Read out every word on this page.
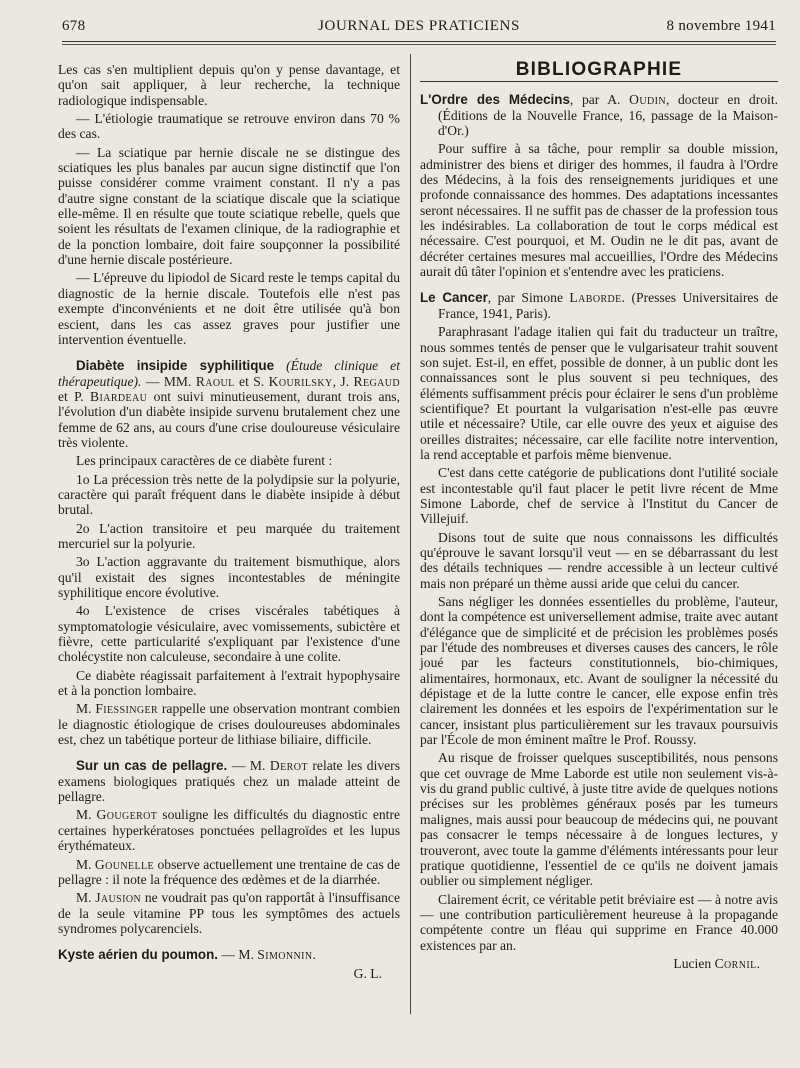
678	JOURNAL DES PRATICIENS	8 novembre 1941

Les cas s'en multiplient depuis qu'on y pense davantage, et qu'on sait appliquer, à leur recherche, la technique radiologique indispensable.

— L'étiologie traumatique se retrouve environ dans 70 % des cas.

— La sciatique par hernie discale ne se distingue des sciatiques les plus banales par aucun signe distinctif que l'on puisse considérer comme vraiment constant. Il n'y a pas d'autre signe constant de la sciatique discale que la sciatique elle-même. Il en résulte que toute sciatique rebelle, quels que soient les résultats de l'examen clinique, de la radiographie et de la ponction lombaire, doit faire soupçonner la possibilité d'une hernie discale postérieure.

— L'épreuve du lipiodol de Sicard reste le temps capital du diagnostic de la hernie discale. Toutefois elle n'est pas exempte d'inconvénients et ne doit être utilisée qu'à bon escient, dans les cas assez graves pour justifier une intervention éventuelle.

Diabète insipide syphilitique (Étude clinique et thérapeutique). — MM. Raoul et S. Kourilsky, J. Regaud et P. Biardeau ont suivi minutieusement, durant trois ans, l'évolution d'un diabète insipide survenu brutalement chez une femme de 62 ans, au cours d'une crise douloureuse vésiculaire très violente.

Les principaux caractères de ce diabète furent :

1o La précession très nette de la polydipsie sur la polyurie, caractère qui paraît fréquent dans le diabète insipide à début brutal.

2o L'action transitoire et peu marquée du traitement mercuriel sur la polyurie.

3o L'action aggravante du traitement bismuthique, alors qu'il existait des signes incontestables de méningite syphilitique encore évolutive.

4o L'existence de crises viscérales tabétiques à symptomatologie vésiculaire, avec vomissements, subictère et fièvre, cette particularité s'expliquant par l'existence d'une cholécystite non calculeuse, secondaire à une colite.

Ce diabète réagissait parfaitement à l'extrait hypophysaire et à la ponction lombaire.

M. Fiessinger rappelle une observation montrant combien le diagnostic étiologique de crises douloureuses abdominales est, chez un tabétique porteur de lithiase biliaire, difficile.

Sur un cas de pellagre. — M. Derot relate les divers examens biologiques pratiqués chez un malade atteint de pellagre.

M. Gougerot souligne les difficultés du diagnostic entre certaines hyperkératoses ponctuées pellagroïdes et les lupus érythémateux.

M. Gounelle observe actuellement une trentaine de cas de pellagre : il note la fréquence des œdèmes et de la diarrhée.

M. Jausion ne voudrait pas qu'on rapportât à l'insuffisance de la seule vitamine PP tous les symptômes des actuels syndromes polycarenciels.

Kyste aérien du poumon. — M. Simonnin.

G. L.

BIBLIOGRAPHIE

L'Ordre des Médecins, par A. Oudin, docteur en droit. (Éditions de la Nouvelle France, 16, passage de la Maison-d'Or.)

Pour suffire à sa tâche, pour remplir sa double mission, administrer des biens et diriger des hommes, il faudra à l'Ordre des Médecins, à la fois des renseignements juridiques et une profonde connaissance des hommes. Des adaptations incessantes seront nécessaires. Il ne suffit pas de chasser de la profession tous les indésirables. La collaboration de tout le corps médical est nécessaire. C'est pourquoi, et M. Oudin ne le dit pas, avant de décréter certaines mesures mal accueillies, l'Ordre des Médecins aurait dû tâter l'opinion et s'entendre avec les praticiens.

Le Cancer, par Simone Laborde. (Presses Universitaires de France, 1941, Paris).

Paraphrasant l'adage italien qui fait du traducteur un traître, nous sommes tentés de penser que le vulgarisateur trahit souvent son sujet. Est-il, en effet, possible de donner, à un public dont les connaissances sont le plus souvent si peu techniques, des éléments suffisamment précis pour éclairer le sens d'un problème scientifique? Et pourtant la vulgarisation n'est-elle pas œuvre utile et nécessaire? Utile, car elle ouvre des yeux et aiguise des oreilles distraites; nécessaire, car elle facilite notre intervention, la rend acceptable et parfois même bienvenue.

C'est dans cette catégorie de publications dont l'utilité sociale est incontestable qu'il faut placer le petit livre récent de Mme Simone Laborde, chef de service à l'Institut du Cancer de Villejuif.

Disons tout de suite que nous connaissons les difficultés qu'éprouve le savant lorsqu'il veut — en se débarrassant du lest des détails techniques — rendre accessible à un lecteur cultivé mais non préparé un thème aussi aride que celui du cancer.

Sans négliger les données essentielles du problème, l'auteur, dont la compétence est universellement admise, traite avec autant d'élégance que de simplicité et de précision les problèmes posés par l'étude des nombreuses et diverses causes des cancers, le rôle joué par les facteurs constitutionnels, bio-chimiques, alimentaires, hormonaux, etc. Avant de souligner la nécessité du dépistage et de la lutte contre le cancer, elle expose enfin très clairement les données et les espoirs de l'expérimentation sur le cancer, insistant plus particulièrement sur les travaux poursuivis par l'École de mon éminent maître le Prof. Roussy.

Au risque de froisser quelques susceptibilités, nous pensons que cet ouvrage de Mme Laborde est utile non seulement vis-à-vis du grand public cultivé, à juste titre avide de quelques notions précises sur les problèmes généraux posés par les tumeurs malignes, mais aussi pour beaucoup de médecins qui, ne pouvant pas consacrer le temps nécessaire à de longues lectures, y trouveront, avec toute la gamme d'éléments intéressants pour leur pratique quotidienne, l'essentiel de ce qu'ils ne doivent jamais oublier ou simplement négliger.

Clairement écrit, ce véritable petit bréviaire est — à notre avis — une contribution particulièrement heureuse à la propagande compétente contre un fléau qui supprime en France 40.000 existences par an.

Lucien Cornil.
